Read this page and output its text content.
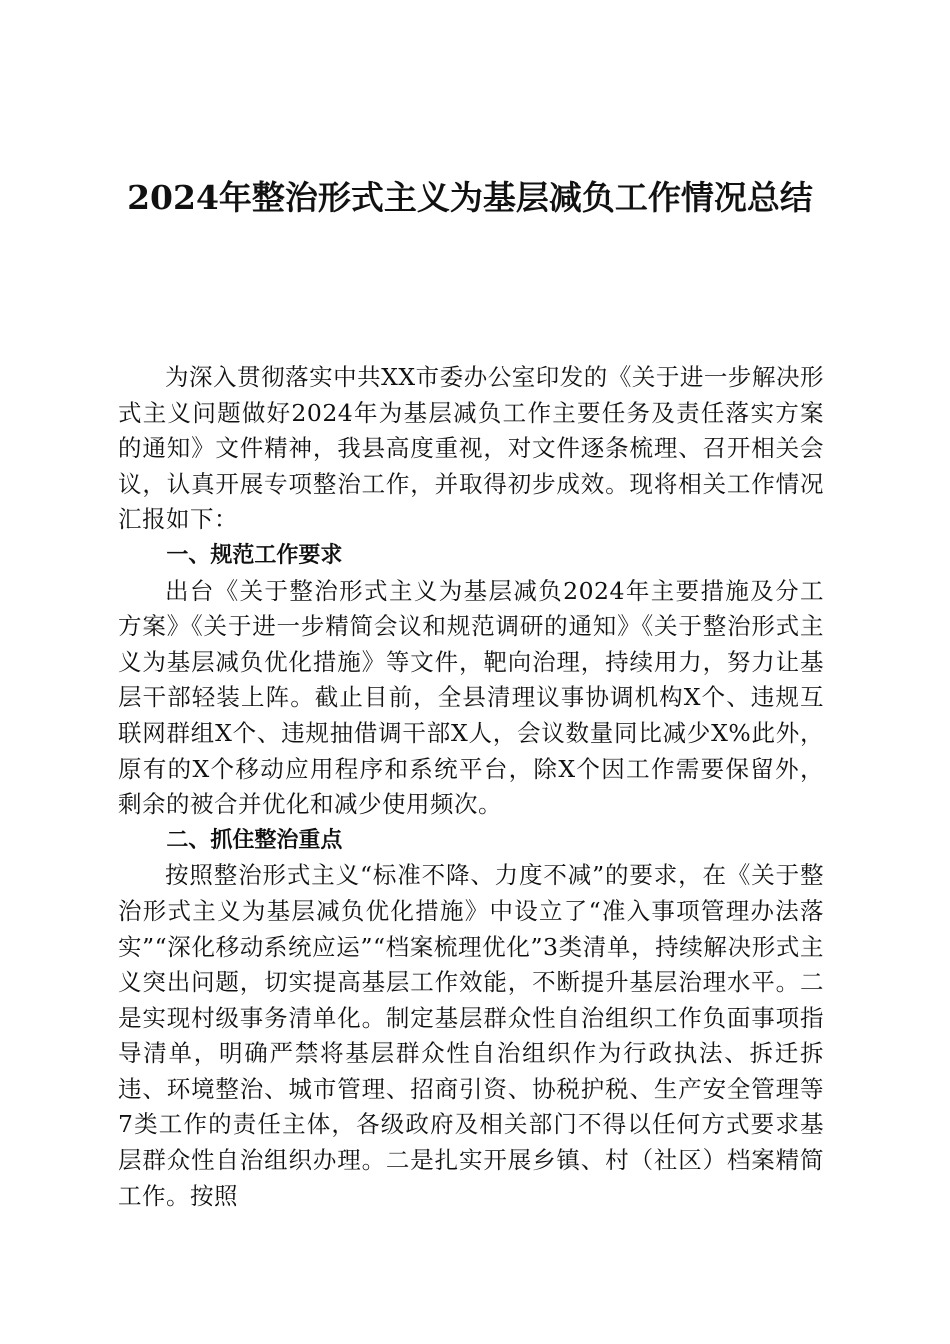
2024年整治形式主义为基层减负工作情况总结

为深入贯彻落实中共XX市委办公室印发的《关于进一步解决形式主义问题做好2024年为基层减负工作主要任务及责任落实方案的通知》文件精神，我县高度重视，对文件逐条梳理、召开相关会议，认真开展专项整治工作，并取得初步成效。现将相关工作情况汇报如下：

一、规范工作要求

出台《关于整治形式主义为基层减负2024年主要措施及分工方案》《关于进一步精简会议和规范调研的通知》《关于整治形式主义为基层减负优化措施》等文件，靶向治理，持续用力，努力让基层干部轻装上阵。截止目前，全县清理议事协调机构X个、违规互联网群组X个、违规抽借调干部X人，会议数量同比减少X%此外，原有的X个移动应用程序和系统平台，除X个因工作需要保留外，剩余的被合并优化和减少使用频次。

二、抓住整治重点

按照整治形式主义“标准不降、力度不减”的要求，在《关于整治形式主义为基层减负优化措施》中设立了“准入事项管理办法落实”“深化移动系统应运”“档案梳理优化”3类清单，持续解决形式主义突出问题，切实提高基层工作效能，不断提升基层治理水平。二是实现村级事务清单化。制定基层群众性自治组织工作负面事项指导清单，明确严禁将基层群众性自治组织作为行政执法、拆迁拆违、环境整治、城市管理、招商引资、协税护税、生产安全管理等7类工作的责任主体，各级政府及相关部门不得以任何方式要求基层群众性自治组织办理。二是扎实开展乡镇、村（社区）档案精简工作。按照
